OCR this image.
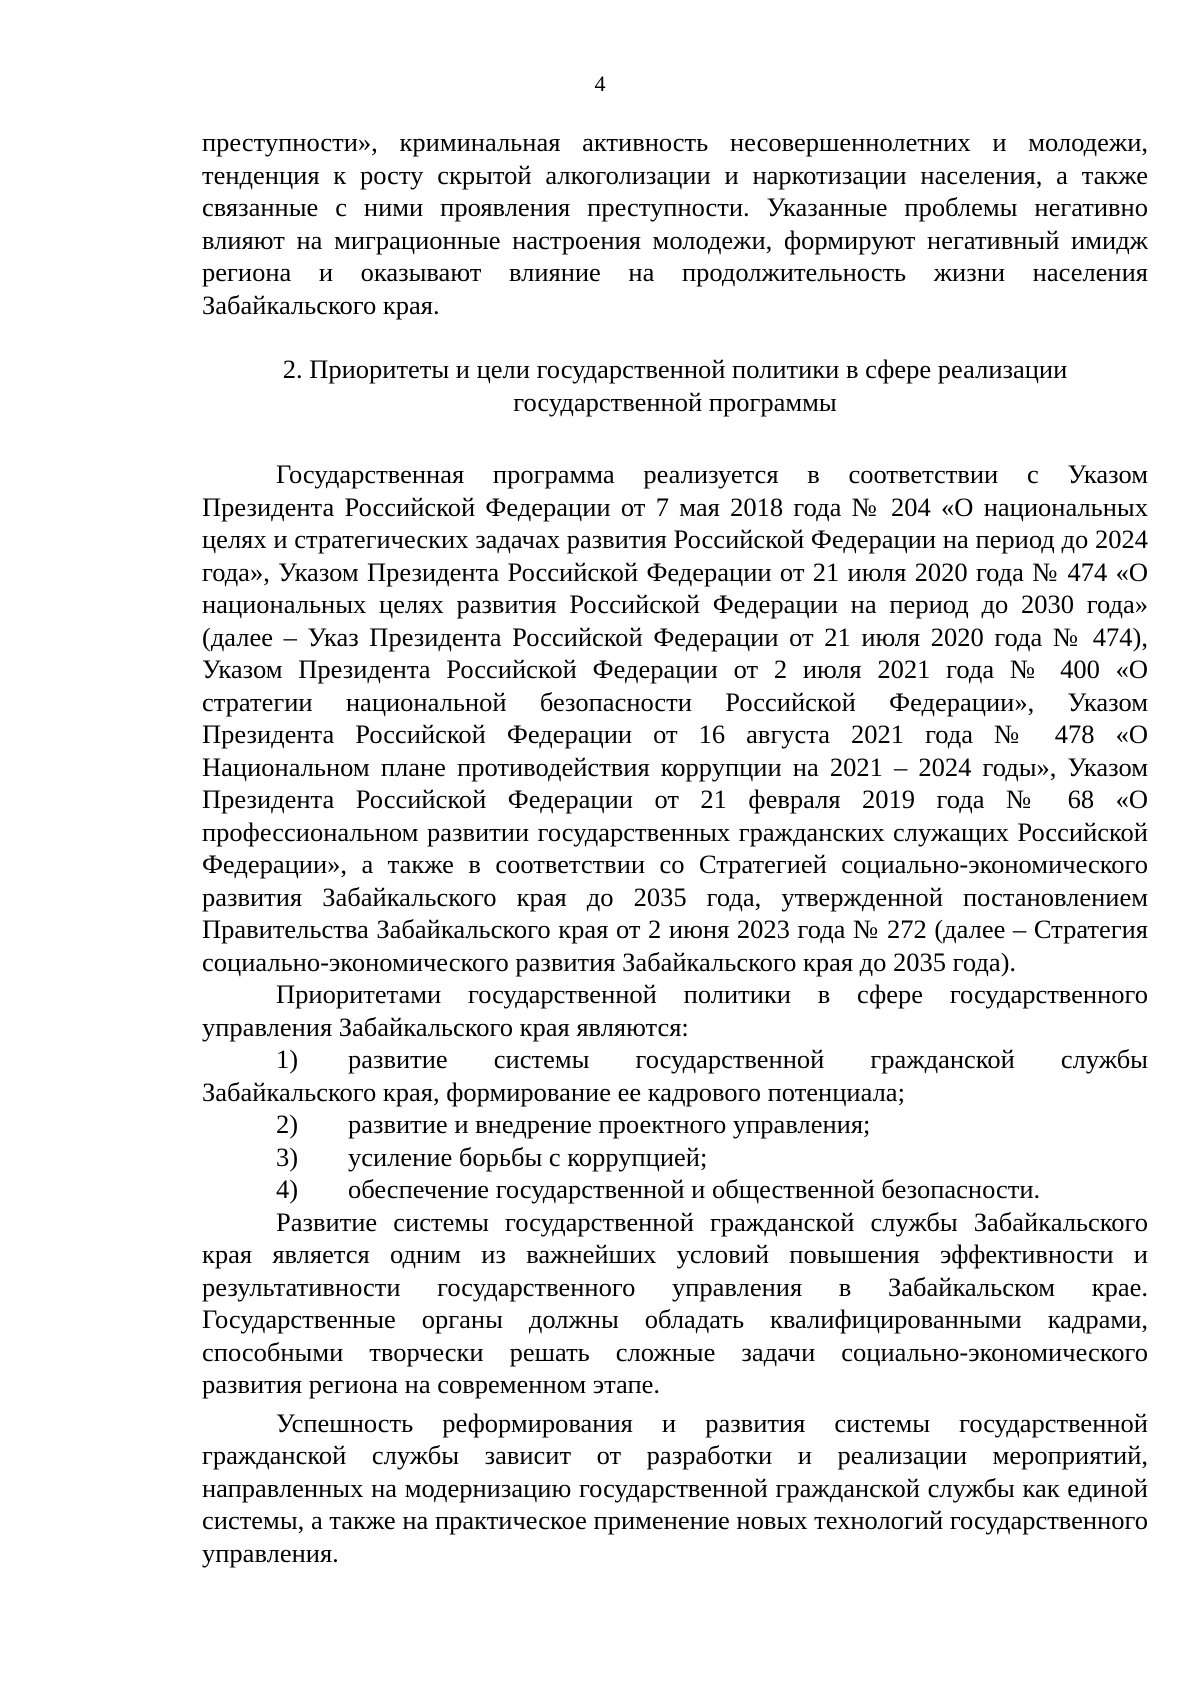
4

преступности», криминальная активность несовершеннолетних и молодежи, тенденция к росту скрытой алкоголизации и наркотизации населения, а также связанные с ними проявления преступности. Указанные проблемы негативно влияют на миграционные настроения молодежи, формируют негативный имидж региона и оказывают влияние на продолжительность жизни населения Забайкальского края.

2. Приоритеты и цели государственной политики в сфере реализации государственной программы

Государственная программа реализуется в соответствии с Указом Президента Российской Федерации от 7 мая 2018 года № 204 «О национальных целях и стратегических задачах развития Российской Федерации на период до 2024 года», Указом Президента Российской Федерации от 21 июля 2020 года № 474 «О национальных целях развития Российской Федерации на период до 2030 года» (далее – Указ Президента Российской Федерации от 21 июля 2020 года № 474), Указом Президента Российской Федерации от 2 июля 2021 года № 400 «О стратегии национальной безопасности Российской Федерации», Указом Президента Российской Федерации от 16 августа 2021 года № 478 «О Национальном плане противодействия коррупции на 2021 – 2024 годы», Указом Президента Российской Федерации от 21 февраля 2019 года № 68 «О профессиональном развитии государственных гражданских служащих Российской Федерации», а также в соответствии со Стратегией социально-экономического развития Забайкальского края до 2035 года, утвержденной постановлением Правительства Забайкальского края от 2 июня 2023 года № 272 (далее – Стратегия социально-экономического развития Забайкальского края до 2035 года).

Приоритетами государственной политики в сфере государственного управления Забайкальского края являются:

1) развитие системы государственной гражданской службы Забайкальского края, формирование ее кадрового потенциала;

2) развитие и внедрение проектного управления;

3) усиление борьбы с коррупцией;

4) обеспечение государственной и общественной безопасности.

Развитие системы государственной гражданской службы Забайкальского края является одним из важнейших условий повышения эффективности и результативности государственного управления в Забайкальском крае. Государственные органы должны обладать квалифицированными кадрами, способными творчески решать сложные задачи социально-экономического развития региона на современном этапе.

Успешность реформирования и развития системы государственной гражданской службы зависит от разработки и реализации мероприятий, направленных на модернизацию государственной гражданской службы как единой системы, а также на практическое применение новых технологий государственного управления.
